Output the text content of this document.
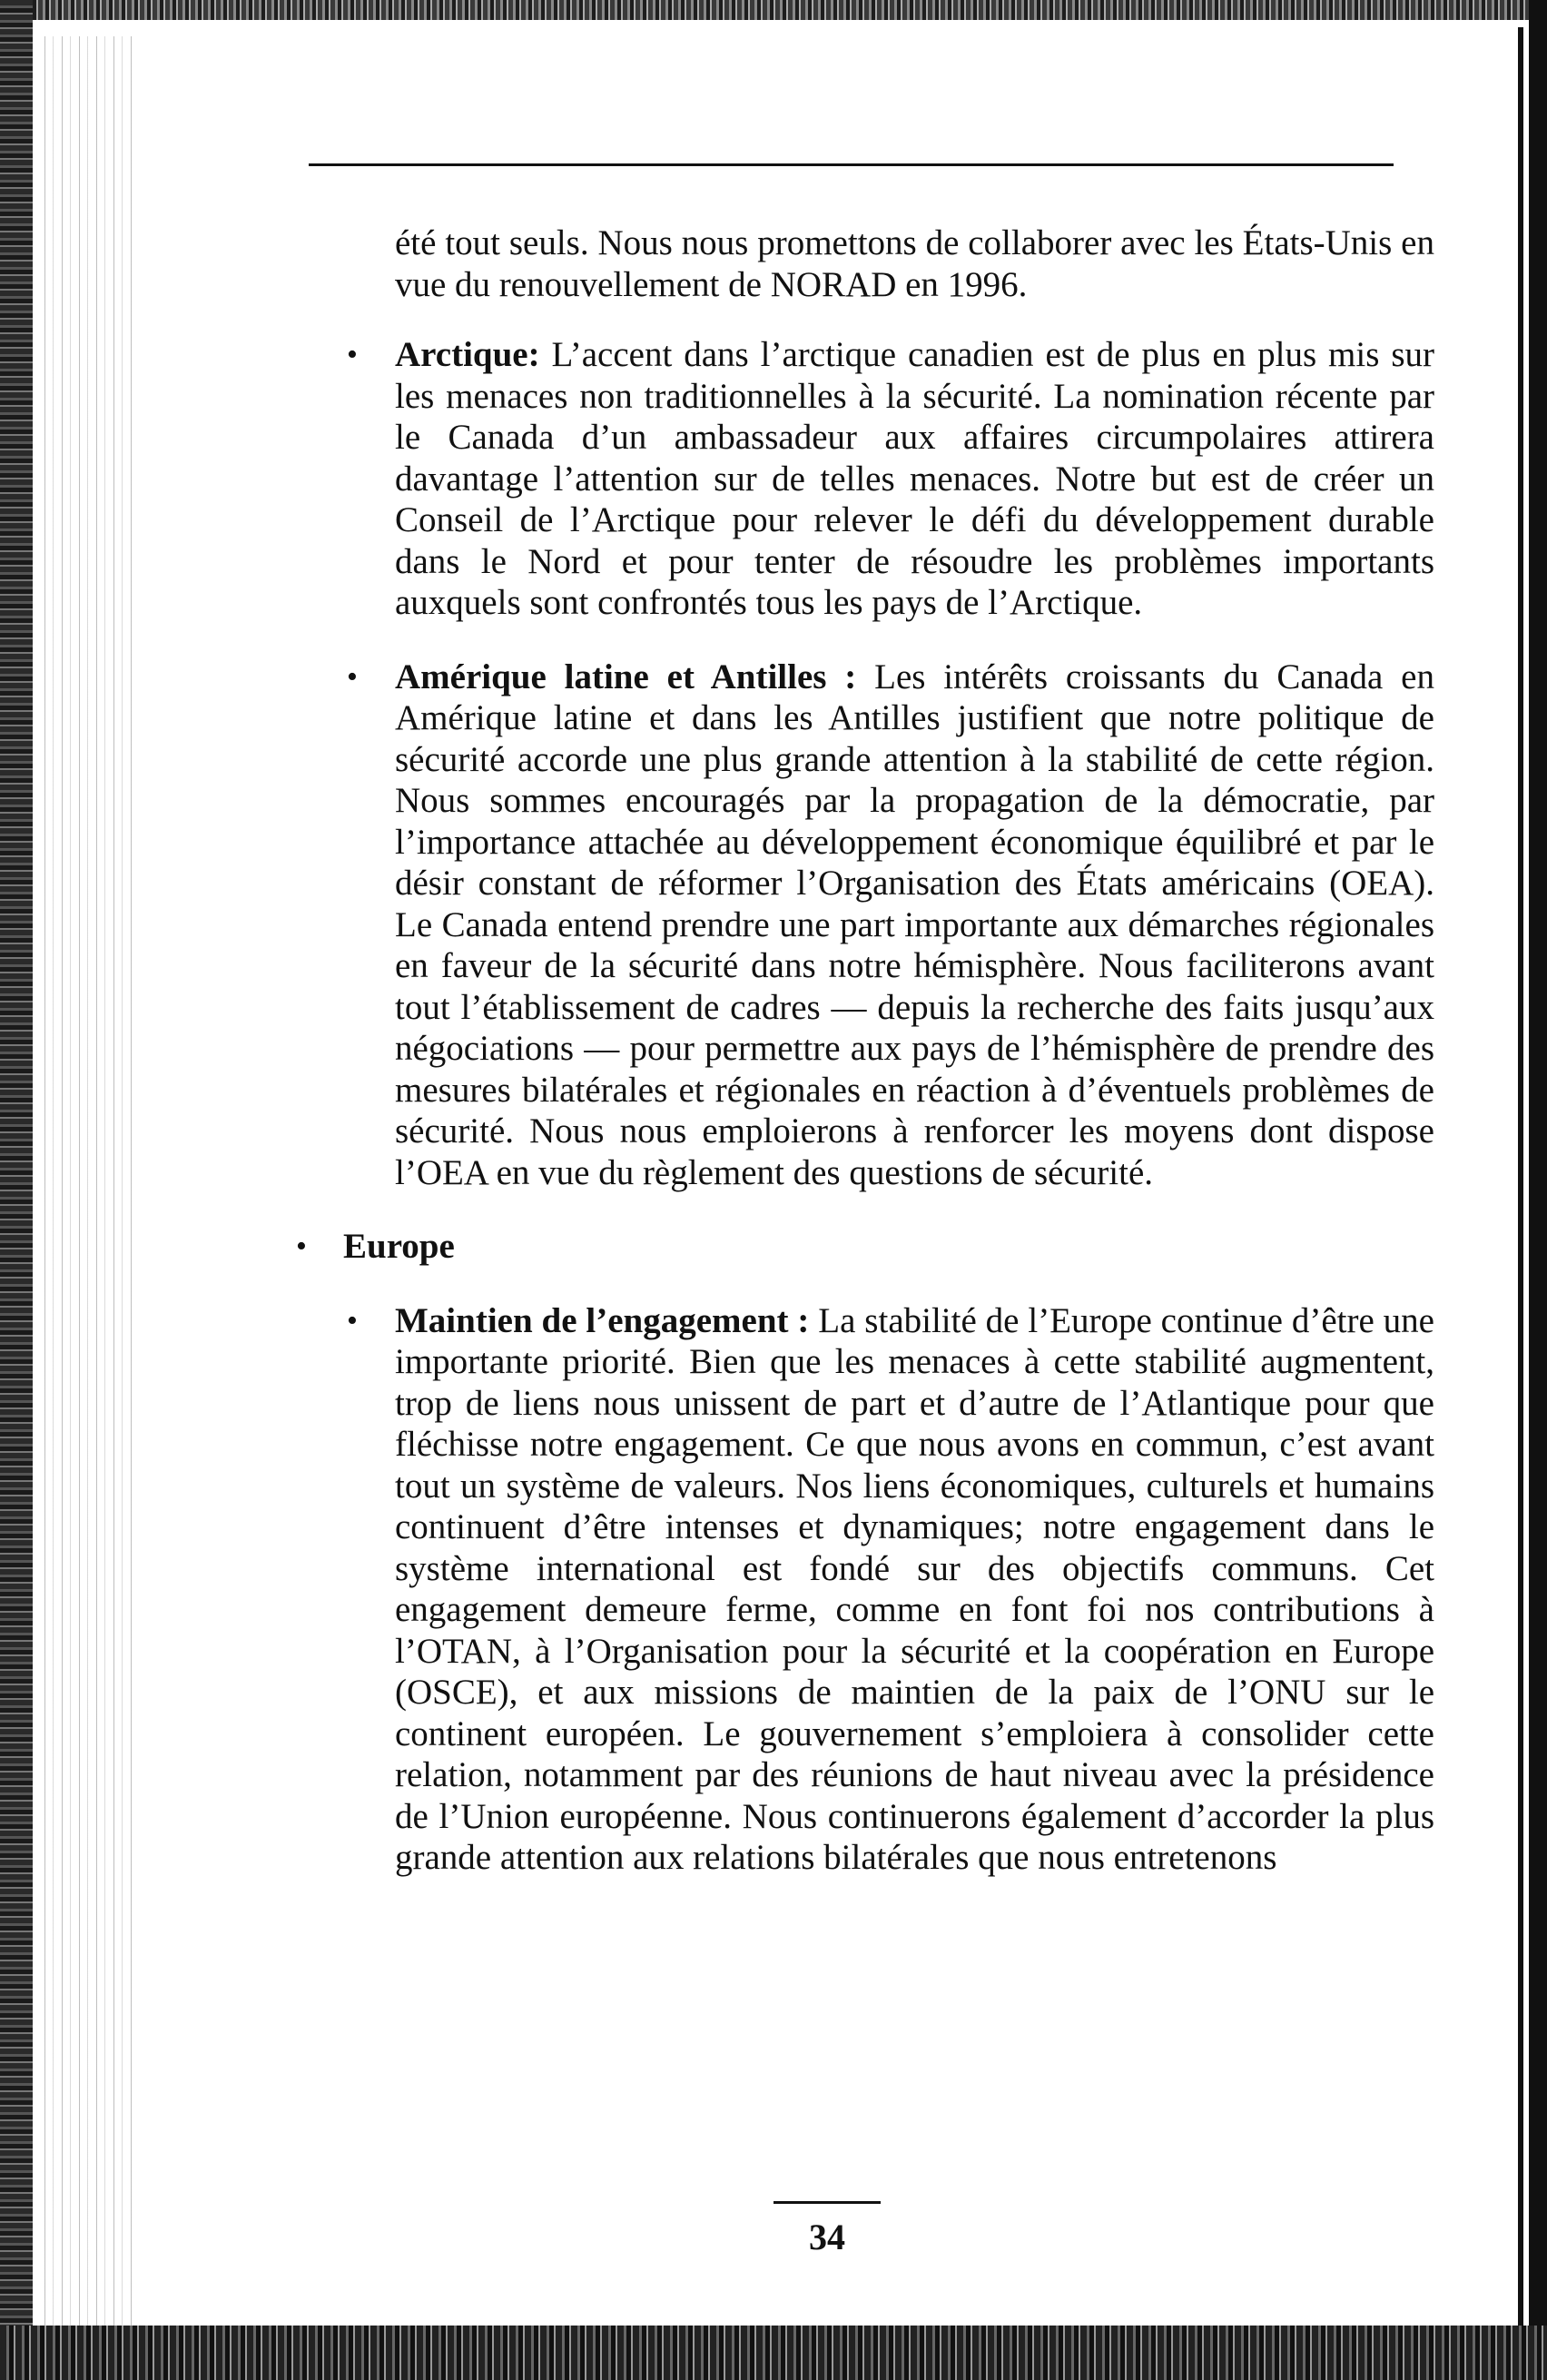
été tout seuls. Nous nous promettons de collaborer avec les États-Unis en vue du renouvellement de NORAD en 1996.

• Arctique: L’accent dans l’arctique canadien est de plus en plus mis sur les menaces non traditionnelles à la sécurité. La nomination récente par le Canada d’un ambassadeur aux affaires circumpolaires attirera davantage l’attention sur de telles menaces. Notre but est de créer un Conseil de l’Arctique pour relever le défi du développement durable dans le Nord et pour tenter de résoudre les problèmes importants auxquels sont confrontés tous les pays de l’Arctique.

• Amérique latine et Antilles : Les intérêts croissants du Canada en Amérique latine et dans les Antilles justifient que notre politique de sécurité accorde une plus grande attention à la stabilité de cette région. Nous sommes encouragés par la propagation de la démocratie, par l’importance attachée au développement économique équilibré et par le désir constant de réformer l’Organisation des États américains (OEA). Le Canada entend prendre une part importante aux démarches régionales en faveur de la sécurité dans notre hémisphère. Nous faciliterons avant tout l’établissement de cadres — depuis la recherche des faits jusqu’aux négociations — pour permettre aux pays de l’hémisphère de prendre des mesures bilatérales et régionales en réaction à d’éventuels problèmes de sécurité. Nous nous emploierons à renforcer les moyens dont dispose l’OEA en vue du règlement des questions de sécurité.

• Europe

• Maintien de l’engagement : La stabilité de l’Europe continue d’être une importante priorité. Bien que les menaces à cette stabilité augmentent, trop de liens nous unissent de part et d’autre de l’Atlantique pour que fléchisse notre engagement. Ce que nous avons en commun, c’est avant tout un système de valeurs. Nos liens économiques, culturels et humains continuent d’être intenses et dynamiques; notre engagement dans le système international est fondé sur des objectifs communs. Cet engagement demeure ferme, comme en font foi nos contributions à l’OTAN, à l’Organisation pour la sécurité et la coopération en Europe (OSCE), et aux missions de maintien de la paix de l’ONU sur le continent européen. Le gouvernement s’emploiera à consolider cette relation, notamment par des réunions de haut niveau avec la présidence de l’Union européenne. Nous continuerons également d’accorder la plus grande attention aux relations bilatérales que nous entretenons

34
